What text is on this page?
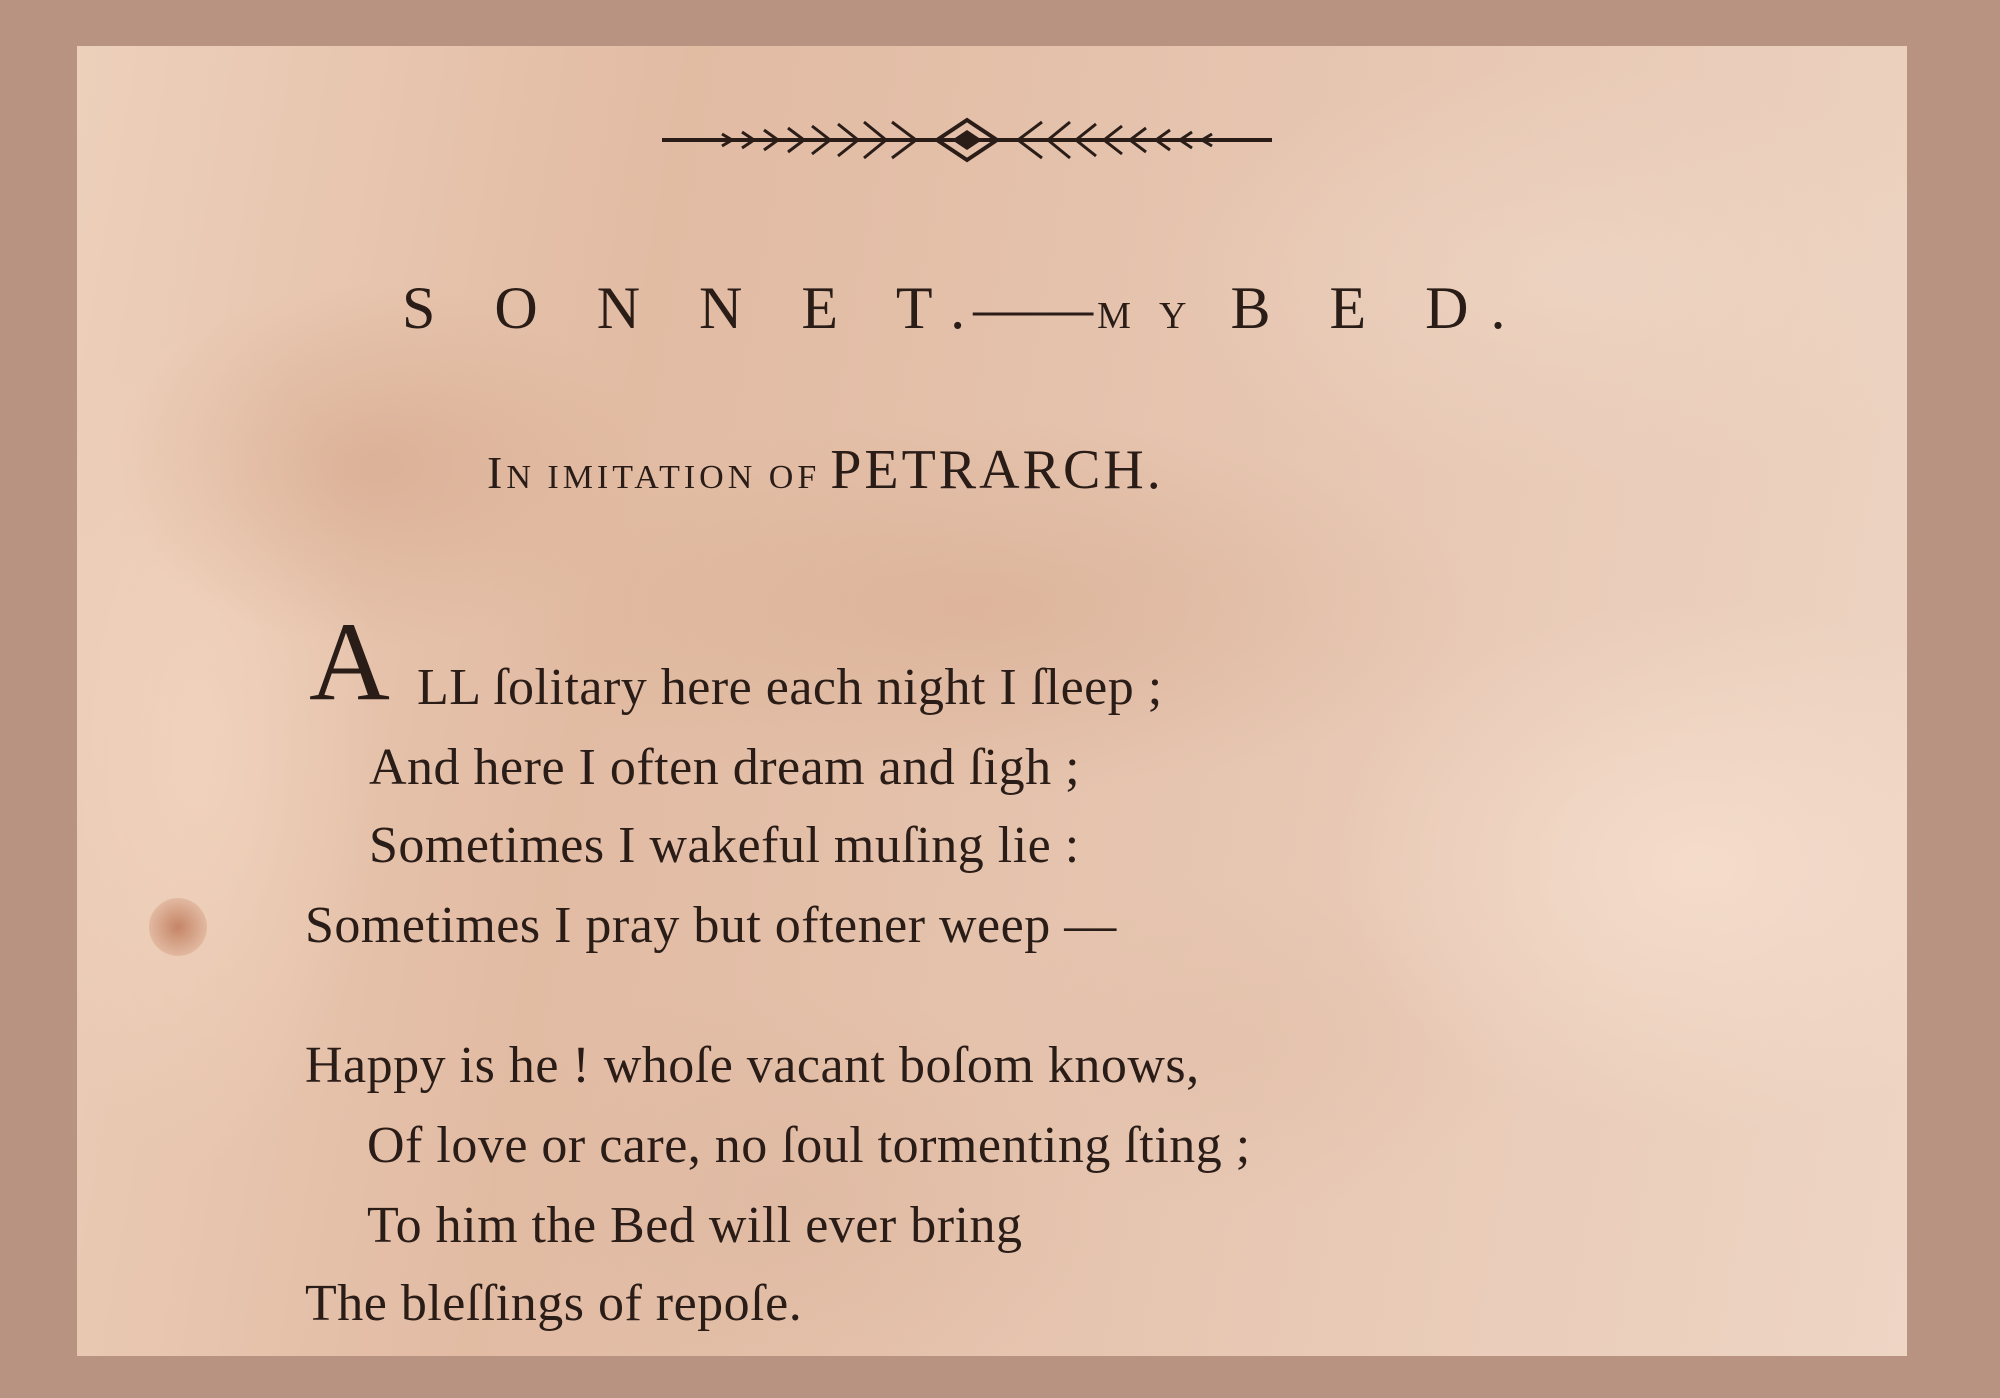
S O N N E T.—— M Y B E D.
IN IMITATION OF PETRARCH.
A LL ſolitary here each night I ſleep ;
And here I often dream and ſigh ;
Sometimes I wakeful muſing lie :
Sometimes I pray but oftener weep —
Happy is he ! whoſe vacant boſom knows,
Of love or care, no ſoul tormenting ſting ;
To him the Bed will ever bring
The bleſſings of repoſe.
